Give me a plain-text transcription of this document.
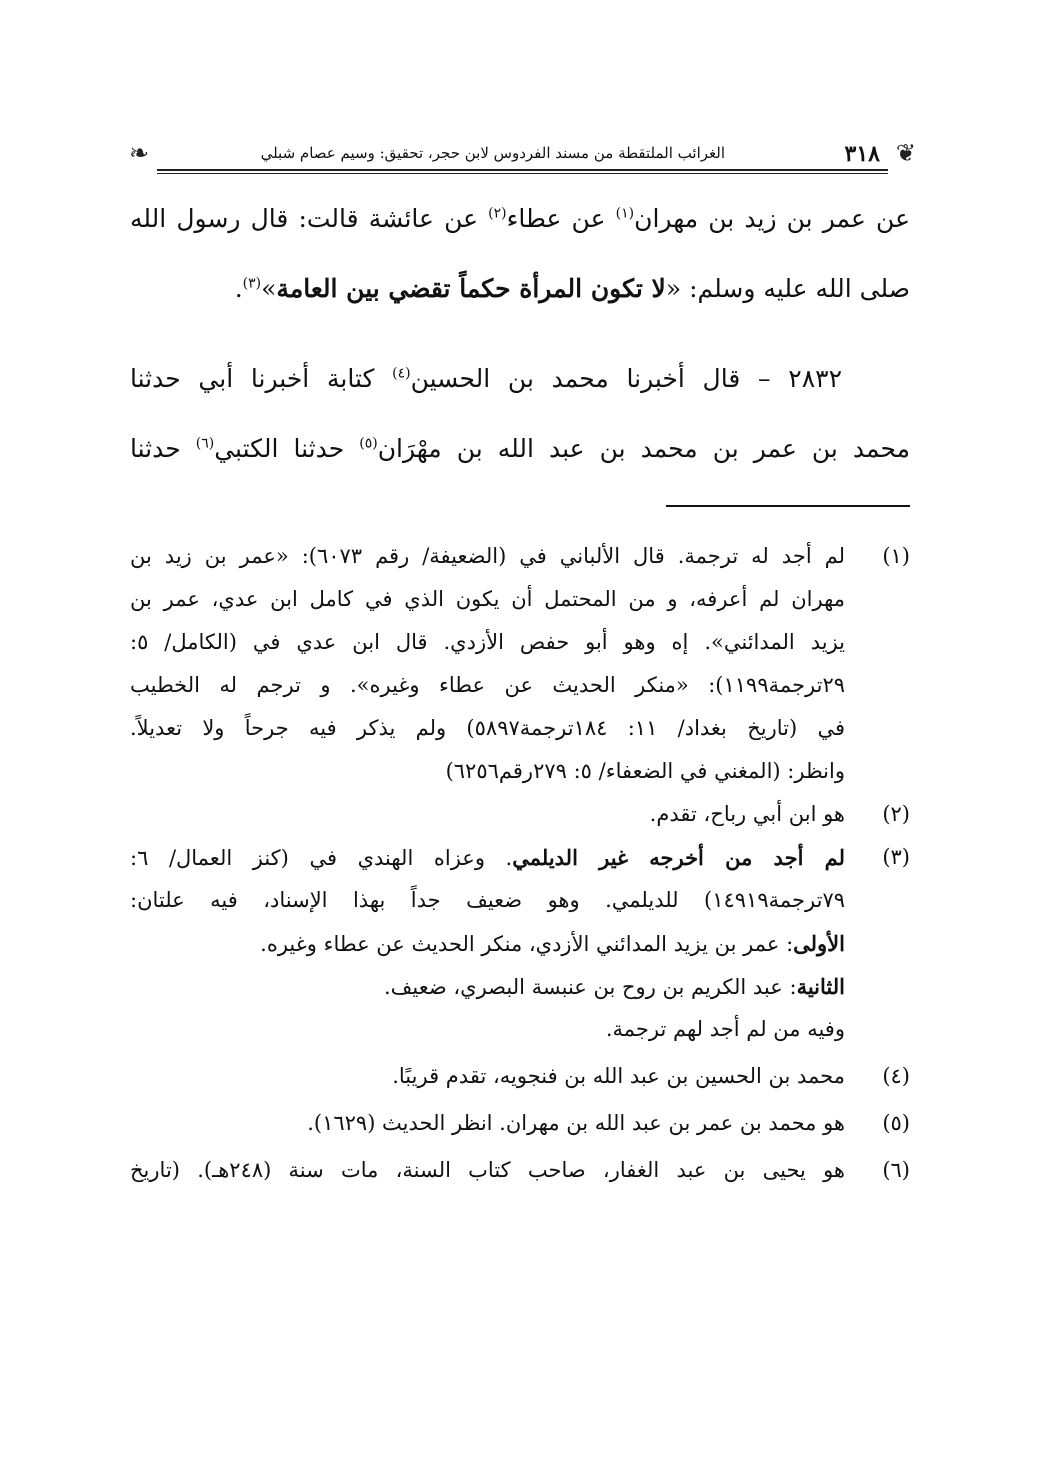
❦
٣١٨
الغرائب الملتقطة من مسند الفردوس لابن حجر، تحقيق: وسيم عصام شبلي
❧
عن عمر بن زيد بن مهران$^{(١)}$ عن عطاء$^{(٢)}$ عن عائشة قالت: قال رسول الله
صلى الله عليه وسلم: «لا تكون المرأة حكماً تقضي بين العامة»$^{(٣)}$.
٢٨٣٢ – قال أخبرنا محمد بن الحسين$^{(٤)}$ كتابة أخبرنا أبي حدثنا
محمد بن عمر بن محمد بن عبد الله بن مهْرَان$^{(٥)}$ حدثنا الكتبي$^{(٦)}$ حدثنا
(١)
لم أجد له ترجمة. قال الألباني في (الضعيفة/ رقم ٦٠٧٣): «عمر بن زيد بن
مهران لم أعرفه، و من المحتمل أن يكون الذي في كامل ابن عدي، عمر بن
يزيد المدائني». إه وهو أبو حفص الأزدي. قال ابن عدي في (الكامل/ ٥:
٢٩ترجمة١١٩٩): «منكر الحديث عن عطاء وغيره». و ترجم له الخطيب
في (تاريخ بغداد/ ١١: ١٨٤ترجمة٥٨٩٧) ولم يذكر فيه جرحاً ولا تعديلاً.
وانظر: (المغني في الضعفاء/ ٥: ٢٧٩رقم٦٢٥٦)
(٢)
هو ابن أبي رباح، تقدم.
(٣)
لم أجد من أخرجه غير الديلمي. وعزاه الهندي في (كنز العمال/ ٦:
٧٩ترجمة١٤٩١٩) للديلمي. وهو ضعيف جداً بهذا الإسناد، فيه علتان:
الأولى: عمر بن يزيد المدائني الأزدي، منكر الحديث عن عطاء وغيره.
الثانية: عبد الكريم بن روح بن عنبسة البصري، ضعيف.
وفيه من لم أجد لهم ترجمة.
(٤)
محمد بن الحسين بن عبد الله بن فنجويه، تقدم قريبًا.
(٥)
هو محمد بن عمر بن عبد الله بن مهران. انظر الحديث (١٦٢٩).
(٦)
هو يحيى بن عبد الغفار، صاحب كتاب السنة، مات سنة (٢٤٨هـ). (تاريخ
